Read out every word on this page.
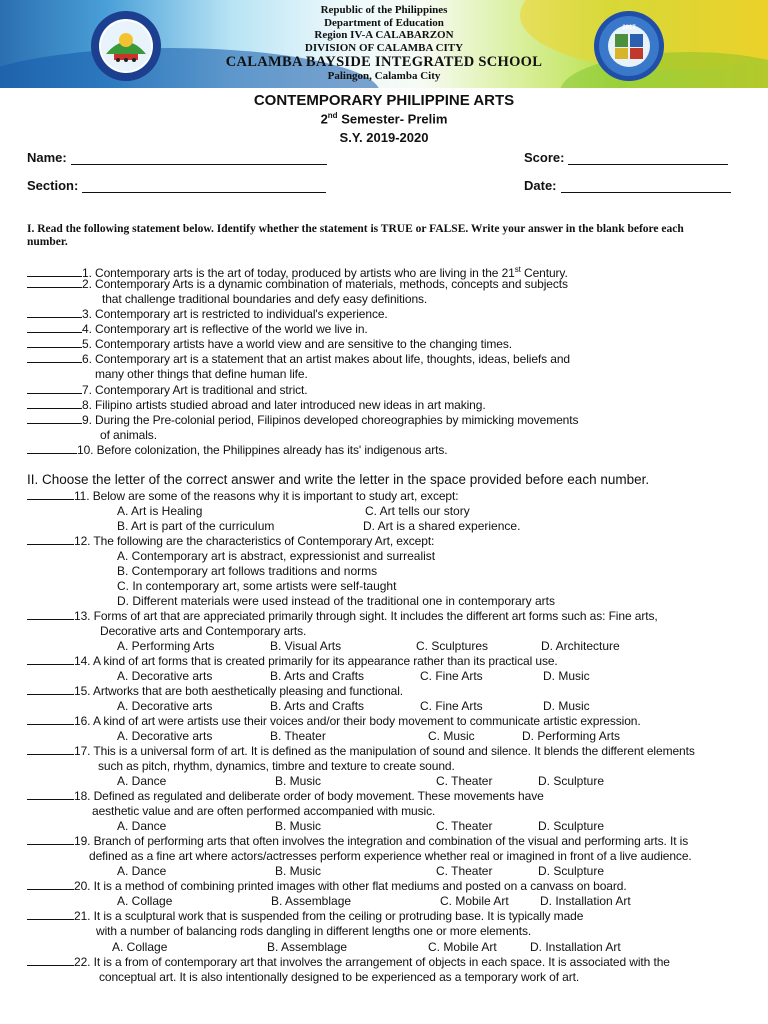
2017
Republic of the Philippines
Department of Education
Region IV-A CALABARZON
DIVISION OF CALAMBA CITY
CALAMBA BAYSIDE INTEGRATED SCHOOL
Palingon, Calamba City
CONTEMPORARY PHILIPPINE ARTS
2nd Semester- Prelim
S.Y. 2019-2020
Name:	Score:
Section:	Date:
I. Read the following statement below. Identify whether the statement is TRUE or FALSE. Write your answer in the blank before each number.
1. Contemporary arts is the art of today, produced by artists who are living in the 21st Century.
2. Contemporary Arts is a dynamic combination of materials, methods, concepts and subjects
that challenge traditional boundaries and defy easy definitions.
3. Contemporary art is restricted to individual's experience.
4. Contemporary art is reflective of the world we live in.
5. Contemporary artists have a world view and are sensitive to the changing times.
6. Contemporary art is a statement that an artist makes about life, thoughts, ideas, beliefs and
many other things that define human life.
7. Contemporary Art is traditional and strict.
8. Filipino artists studied abroad and later introduced new ideas in art making.
9. During the Pre-colonial period, Filipinos developed choreographies by mimicking movements
of animals.
10. Before colonization, the Philippines already has its' indigenous arts.
II. Choose the letter of the correct answer and write the letter in the space provided before each number.
11. Below are some of the reasons why it is important to study art, except:
A. Art is Healing	C. Art tells our story
B. Art is part of the curriculum	D. Art is a shared experience.
12. The following are the characteristics of Contemporary Art, except:
A. Contemporary art is abstract, expressionist and surrealist
B. Contemporary art follows traditions and norms
C. In contemporary art, some artists were self-taught
D. Different materials were used instead of the traditional one in contemporary arts
13. Forms of art that are appreciated primarily through sight. It includes the different art forms such as: Fine arts,
Decorative arts and Contemporary arts.
A. Performing Arts	B. Visual Arts	C. Sculptures	D. Architecture
14. A kind of art forms that is created primarily for its appearance rather than its practical use.
A. Decorative arts	B. Arts and Crafts	C. Fine Arts	D. Music
15. Artworks that are both aesthetically pleasing and functional.
A. Decorative arts	B. Arts and Crafts	C. Fine Arts	D. Music
16. A kind of art were artists use their voices and/or their body movement to communicate artistic expression.
A. Decorative arts	B. Theater	C. Music	D. Performing Arts
17. This is a universal form of art. It is defined as the manipulation of sound and silence. It blends the different elements
such as pitch, rhythm, dynamics, timbre and texture to create sound.
A. Dance	B. Music	C. Theater	D. Sculpture
18. Defined as regulated and deliberate order of body movement. These movements have
aesthetic value and are often performed accompanied with music.
A. Dance	B. Music	C. Theater	D. Sculpture
19. Branch of performing arts that often involves the integration and combination of the visual and performing arts. It is
defined as a fine art where actors/actresses perform experience whether real or imagined in front of a live audience.
A. Dance	B. Music	C. Theater	D. Sculpture
20. It is a method of combining printed images with other flat mediums and posted on a canvass on board.
A. Collage	B. Assemblage	C. Mobile Art	D. Installation Art
21. It is a sculptural work that is suspended from the ceiling or protruding base. It is typically made
with a number of balancing rods dangling in different lengths one or more elements.
A. Collage	B. Assemblage	C. Mobile Art	D. Installation Art
22. It is a from of contemporary art that involves the arrangement of objects in each space. It is associated with the
conceptual art. It is also intentionally designed to be experienced as a temporary work of art.
